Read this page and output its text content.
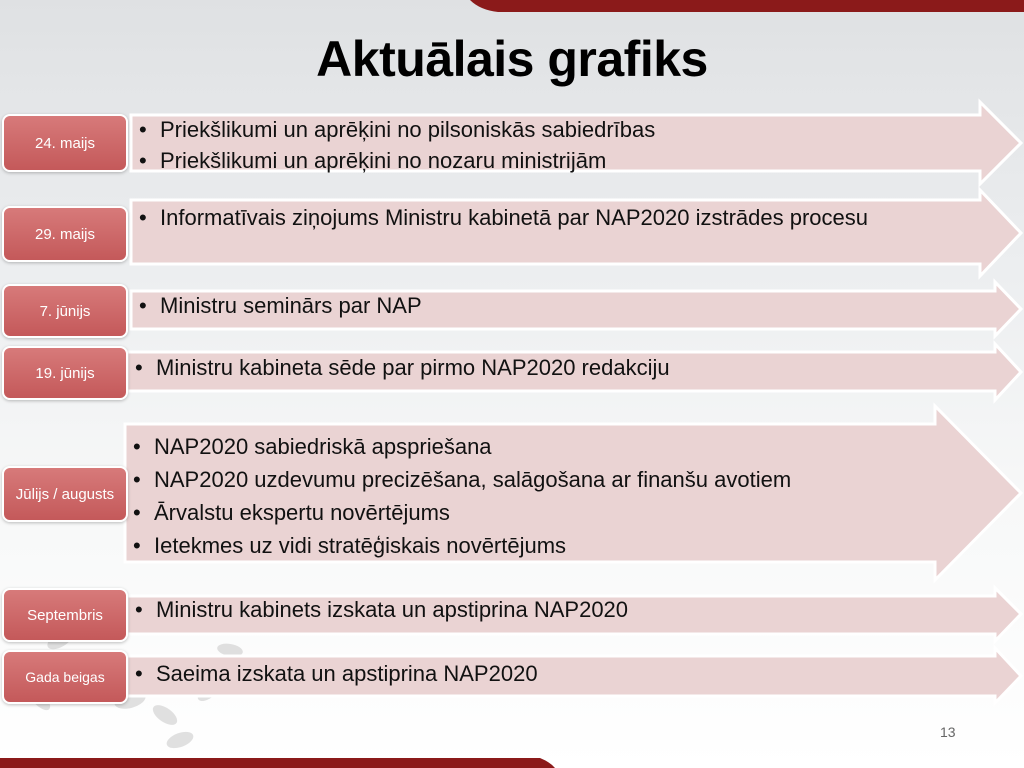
Aktuālais grafiks
24. maijs
• Priekšlikumi un aprēķini no pilsoniskās sabiedrības
• Priekšlikumi un aprēķini no nozaru ministrijām
29. maijs
• Informatīvais ziņojums Ministru kabinetā par NAP2020 izstrādes procesu
7. jūnijs	• Ministru seminārs par NAP
19. jūnijs	• Ministru kabineta sēde par pirmo NAP2020 redakciju
Jūlijs / augusts
• NAP2020 sabiedriskā apspriešana
• NAP2020 uzdevumu precizēšana, salāgošana ar finanšu avotiem
• Ārvalstu ekspertu novērtējums
• Ietekmes uz vidi stratēģiskais novērtējums
Septembris	• Ministru kabinets izskata un apstiprina NAP2020
Gada beigas	• Saeima izskata un apstiprina NAP2020
13
